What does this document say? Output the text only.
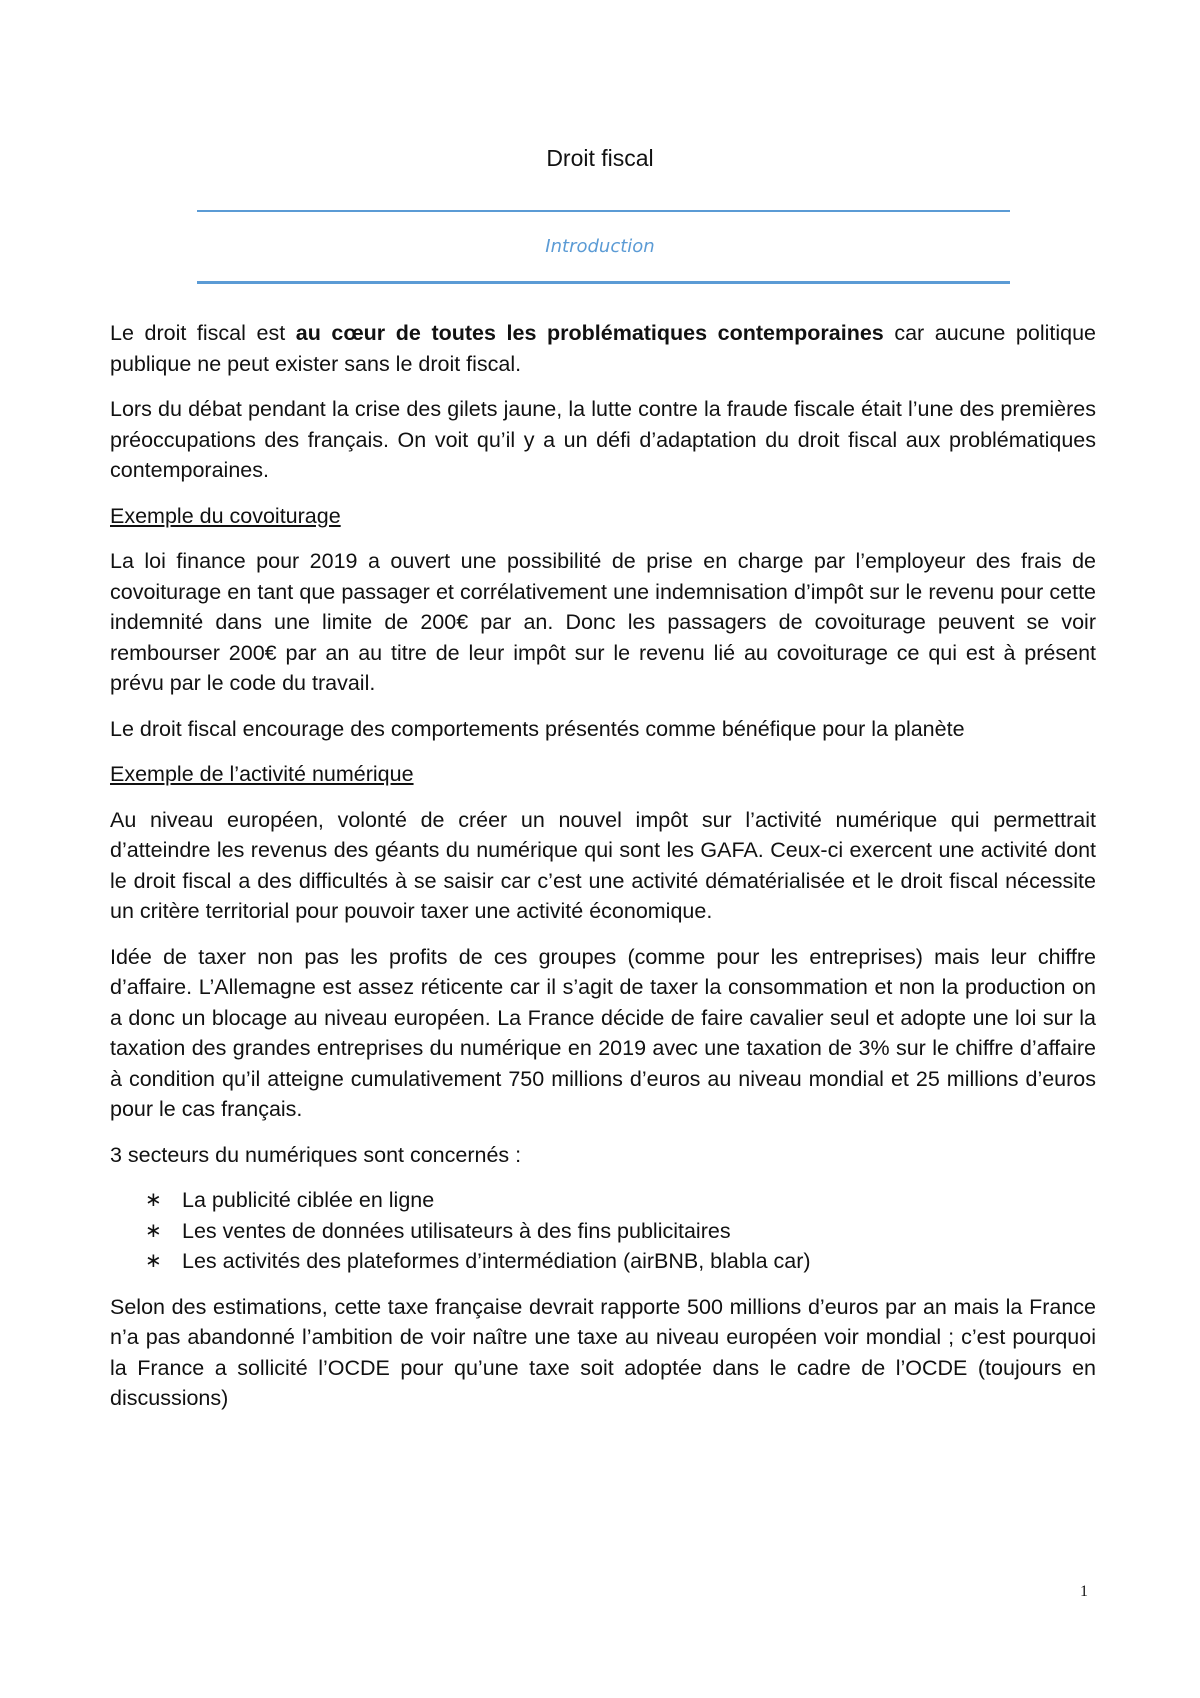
Droit fiscal
Introduction

Le droit fiscal est au cœur de toutes les problématiques contemporaines car aucune politique publique ne peut exister sans le droit fiscal.

Lors du débat pendant la crise des gilets jaune, la lutte contre la fraude fiscale était l’une des premières préoccupations des français. On voit qu’il y a un défi d’adaptation du droit fiscal aux problématiques contemporaines.

Exemple du covoiturage

La loi finance pour 2019 a ouvert une possibilité de prise en charge par l’employeur des frais de covoiturage en tant que passager et corrélativement une indemnisation d’impôt sur le revenu pour cette indemnité dans une limite de 200€ par an. Donc les passagers de covoiturage peuvent se voir rembourser 200€ par an au titre de leur impôt sur le revenu lié au covoiturage ce qui est à présent prévu par le code du travail.

Le droit fiscal encourage des comportements présentés comme bénéfique pour la planète

Exemple de l’activité numérique

Au niveau européen, volonté de créer un nouvel impôt sur l’activité numérique qui permettrait d’atteindre les revenus des géants du numérique qui sont les GAFA. Ceux-ci exercent une activité dont le droit fiscal a des difficultés à se saisir car c’est une activité dématérialisée et le droit fiscal nécessite un critère territorial pour pouvoir taxer une activité économique.

Idée de taxer non pas les profits de ces groupes (comme pour les entreprises) mais leur chiffre d’affaire. L’Allemagne est assez réticente car il s’agit de taxer la consommation et non la production on a donc un blocage au niveau européen. La France décide de faire cavalier seul et adopte une loi sur la taxation des grandes entreprises du numérique en 2019 avec une taxation de 3% sur le chiffre d’affaire à condition qu’il atteigne cumulativement 750 millions d’euros au niveau mondial et 25 millions d’euros pour le cas français.

3 secteurs du numériques sont concernés :

∗ La publicité ciblée en ligne
∗ Les ventes de données utilisateurs à des fins publicitaires
∗ Les activités des plateformes d’intermédiation (airBNB, blabla car)

Selon des estimations, cette taxe française devrait rapporte 500 millions d’euros par an mais la France n’a pas abandonné l’ambition de voir naître une taxe au niveau européen voir mondial ; c’est pourquoi la France a sollicité l’OCDE pour qu’une taxe soit adoptée dans le cadre de l’OCDE (toujours en discussions)

1
